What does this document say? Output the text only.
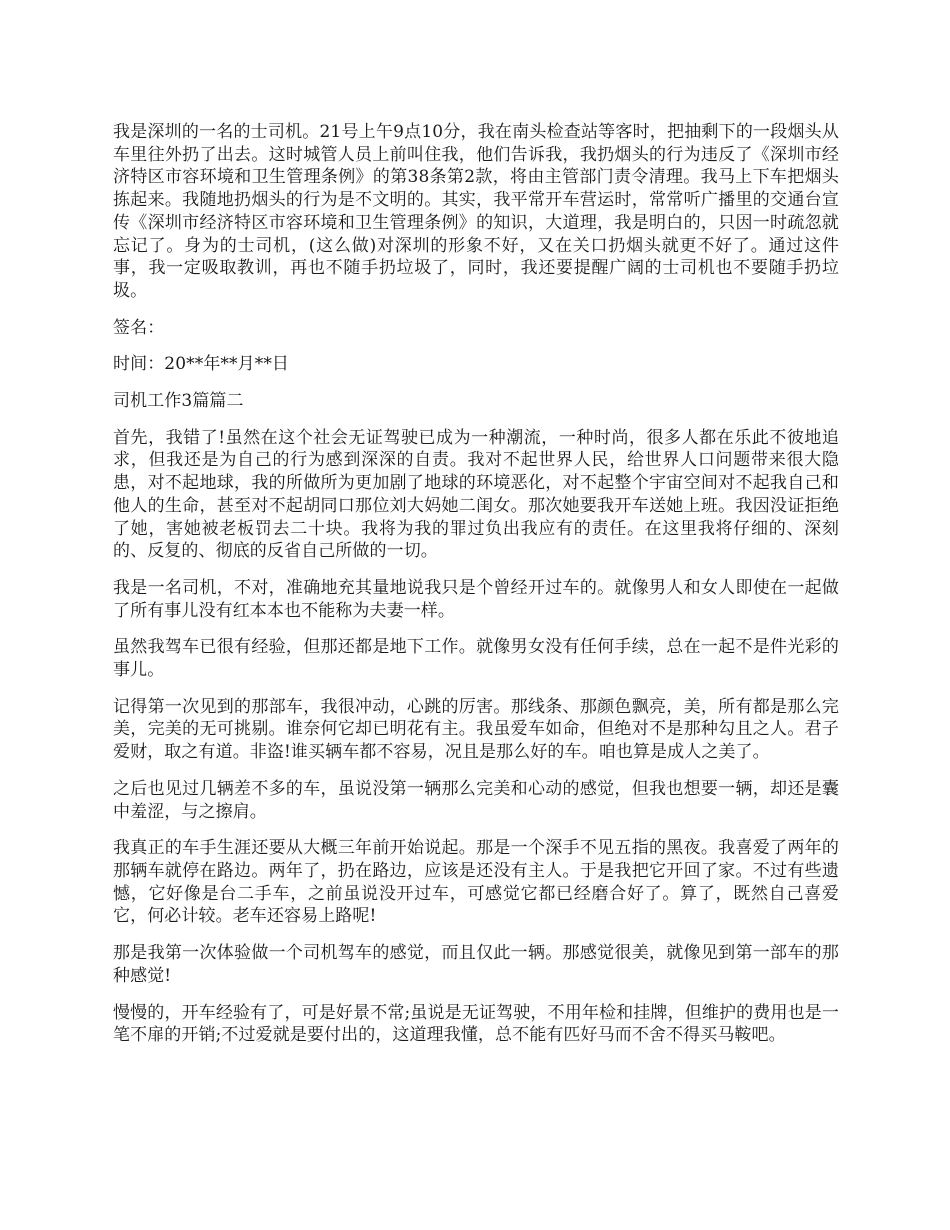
我是深圳的一名的士司机。21号上午9点10分，我在南头检查站等客时，把抽剩下的一段烟头从车里往外扔了出去。这时城管人员上前叫住我，他们告诉我，我扔烟头的行为违反了《深圳市经济特区市容环境和卫生管理条例》的第38条第2款，将由主管部门责令清理。我马上下车把烟头拣起来。我随地扔烟头的行为是不文明的。其实，我平常开车营运时，常常听广播里的交通台宣传《深圳市经济特区市容环境和卫生管理条例》的知识，大道理，我是明白的，只因一时疏忽就忘记了。身为的士司机，(这么做)对深圳的形象不好，又在关口扔烟头就更不好了。通过这件事，我一定吸取教训，再也不随手扔垃圾了，同时，我还要提醒广阔的士司机也不要随手扔垃圾。

签名：

时间：20**年**月**日

司机工作3篇篇二

首先，我错了!虽然在这个社会无证驾驶已成为一种潮流，一种时尚，很多人都在乐此不彼地追求，但我还是为自己的行为感到深深的自责。我对不起世界人民，给世界人口问题带来很大隐患，对不起地球，我的所做所为更加剧了地球的环境恶化，对不起整个宇宙空间对不起我自己和他人的生命，甚至对不起胡同口那位刘大妈她二闺女。那次她要我开车送她上班。我因没证拒绝了她，害她被老板罚去二十块。我将为我的罪过负出我应有的责任。在这里我将仔细的、深刻的、反复的、彻底的反省自己所做的一切。

我是一名司机，不对，准确地充其量地说我只是个曾经开过车的。就像男人和女人即使在一起做了所有事儿没有红本本也不能称为夫妻一样。

虽然我驾车已很有经验，但那还都是地下工作。就像男女没有任何手续，总在一起不是件光彩的事儿。

记得第一次见到的那部车，我很冲动，心跳的厉害。那线条、那颜色飘亮，美，所有都是那么完美，完美的无可挑剔。谁奈何它却已明花有主。我虽爱车如命，但绝对不是那种勾且之人。君子爱财，取之有道。非盗!谁买辆车都不容易，况且是那么好的车。咱也算是成人之美了。

之后也见过几辆差不多的车，虽说没第一辆那么完美和心动的感觉，但我也想要一辆，却还是囊中羞涩，与之擦肩。

我真正的车手生涯还要从大概三年前开始说起。那是一个深手不见五指的黑夜。我喜爱了两年的那辆车就停在路边。两年了，扔在路边，应该是还没有主人。于是我把它开回了家。不过有些遗憾，它好像是台二手车，之前虽说没开过车，可感觉它都已经磨合好了。算了，既然自己喜爱它，何必计较。老车还容易上路呢!

那是我第一次体验做一个司机驾车的感觉，而且仅此一辆。那感觉很美，就像见到第一部车的那种感觉!

慢慢的，开车经验有了，可是好景不常;虽说是无证驾驶，不用年检和挂牌，但维护的费用也是一笔不扉的开销;不过爱就是要付出的，这道理我懂，总不能有匹好马而不舍不得买马鞍吧。
